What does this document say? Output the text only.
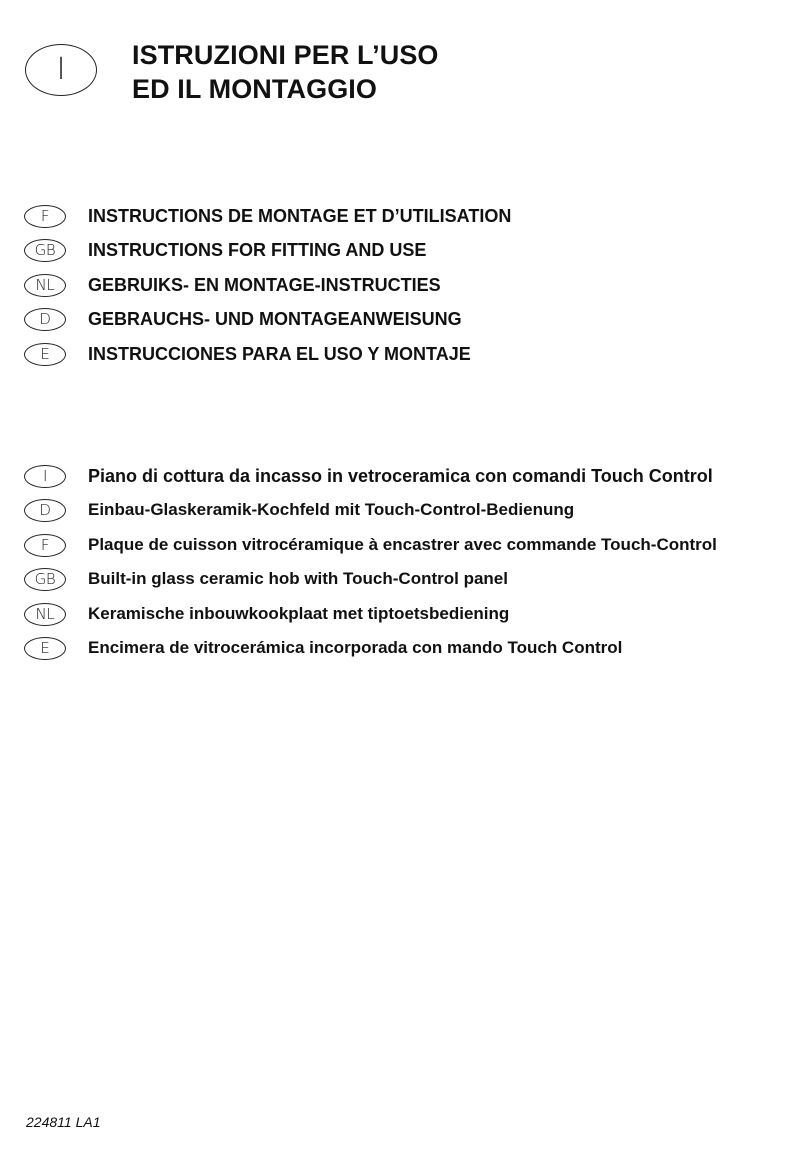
I	ISTRUZIONI PER L’USO
ED IL MONTAGGIO
F	INSTRUCTIONS DE MONTAGE ET D’UTILISATION
GB	INSTRUCTIONS FOR FITTING AND USE
NL	GEBRUIKS- EN MONTAGE-INSTRUCTIES
D	GEBRAUCHS- UND MONTAGEANWEISUNG
E	INSTRUCCIONES PARA EL USO Y MONTAJE
I	Piano di cottura da incasso in vetroceramica con comandi Touch Control
D	Einbau-Glaskeramik-Kochfeld mit Touch-Control-Bedienung
F	Plaque de cuisson vitrocéramique à encastrer avec commande Touch-Control
GB	Built-in glass ceramic hob with Touch-Control panel
NL	Keramische inbouwkookplaat met tiptoetsbediening
E	Encimera de vitrocerámica incorporada con mando Touch Control
224811 LA1
